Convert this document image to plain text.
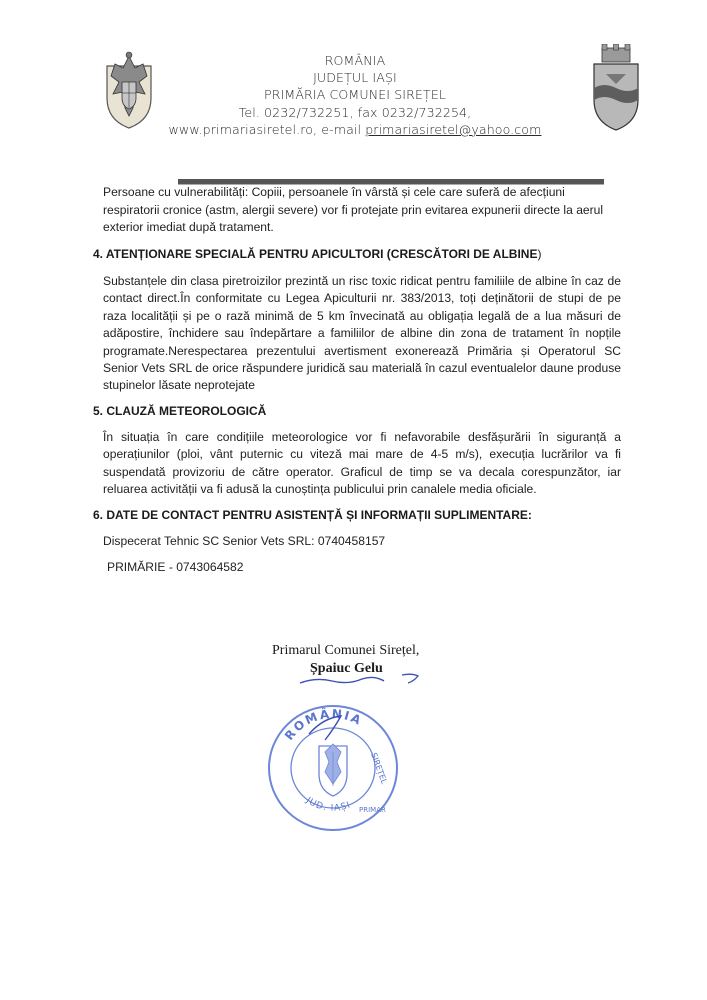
ROMÂNIA
JUDEȚUL IAȘI
PRIMĂRIA COMUNEI SIREȚEL
Tel. 0232/732251, fax 0232/732254,
www.primariasiretel.ro, e-mail primariasiretel@yahoo.com
Persoane cu vulnerabilități: Copiii, persoanele în vârstă și cele care suferă de afecțiuni
respiratorii cronice (astm, alergii severe) vor fi protejate prin evitarea expunerii directe la aerul
exterior imediat după tratament.
4. ATENȚIONARE SPECIALĂ PENTRU APICULTORI (CRESCĂTORI DE ALBINE)

Substanțele din clasa piretroizilor prezintă un risc toxic ridicat pentru familiile de albine în caz de contact direct.În conformitate cu Legea Apiculturii nr. 383/2013, toți deținătorii de stupi de pe raza localității și pe o rază minimă de 5 km învecinată au obligația legală de a lua măsuri de adăpostire, închidere sau îndepărtare a familiilor de albine din zona de tratament în nopțile programate.Nerespectarea prezentului avertisment exonerează Primăria și Operatorul SC Senior Vets SRL de orice răspundere juridică sau materială în cazul eventualelor daune produse stupinelor lăsate neprotejate

5. CLAUZĂ METEOROLOGICĂ

În situația în care condițiile meteorologice vor fi nefavorabile desfășurării în siguranță a operațiunilor (ploi, vânt puternic cu viteză mai mare de 4-5 m/s), execuția lucrărilor va fi suspendată provizoriu de către operator. Graficul de timp se va decala corespunzător, iar reluarea activității va fi adusă la cunoștința publicului prin canalele media oficiale.

6. DATE DE CONTACT PENTRU ASISTENȚĂ ȘI INFORMAȚII SUPLIMENTARE:
Dispecerat Tehnic SC Senior Vets SRL: 0740458157
PRIMĂRIE - 0743064582
Primarul Comunei Sirețel,
Șpaiuc Gelu
ROMÂNIA
JUD. IAȘI
SIREȚEL
PRIMAR
